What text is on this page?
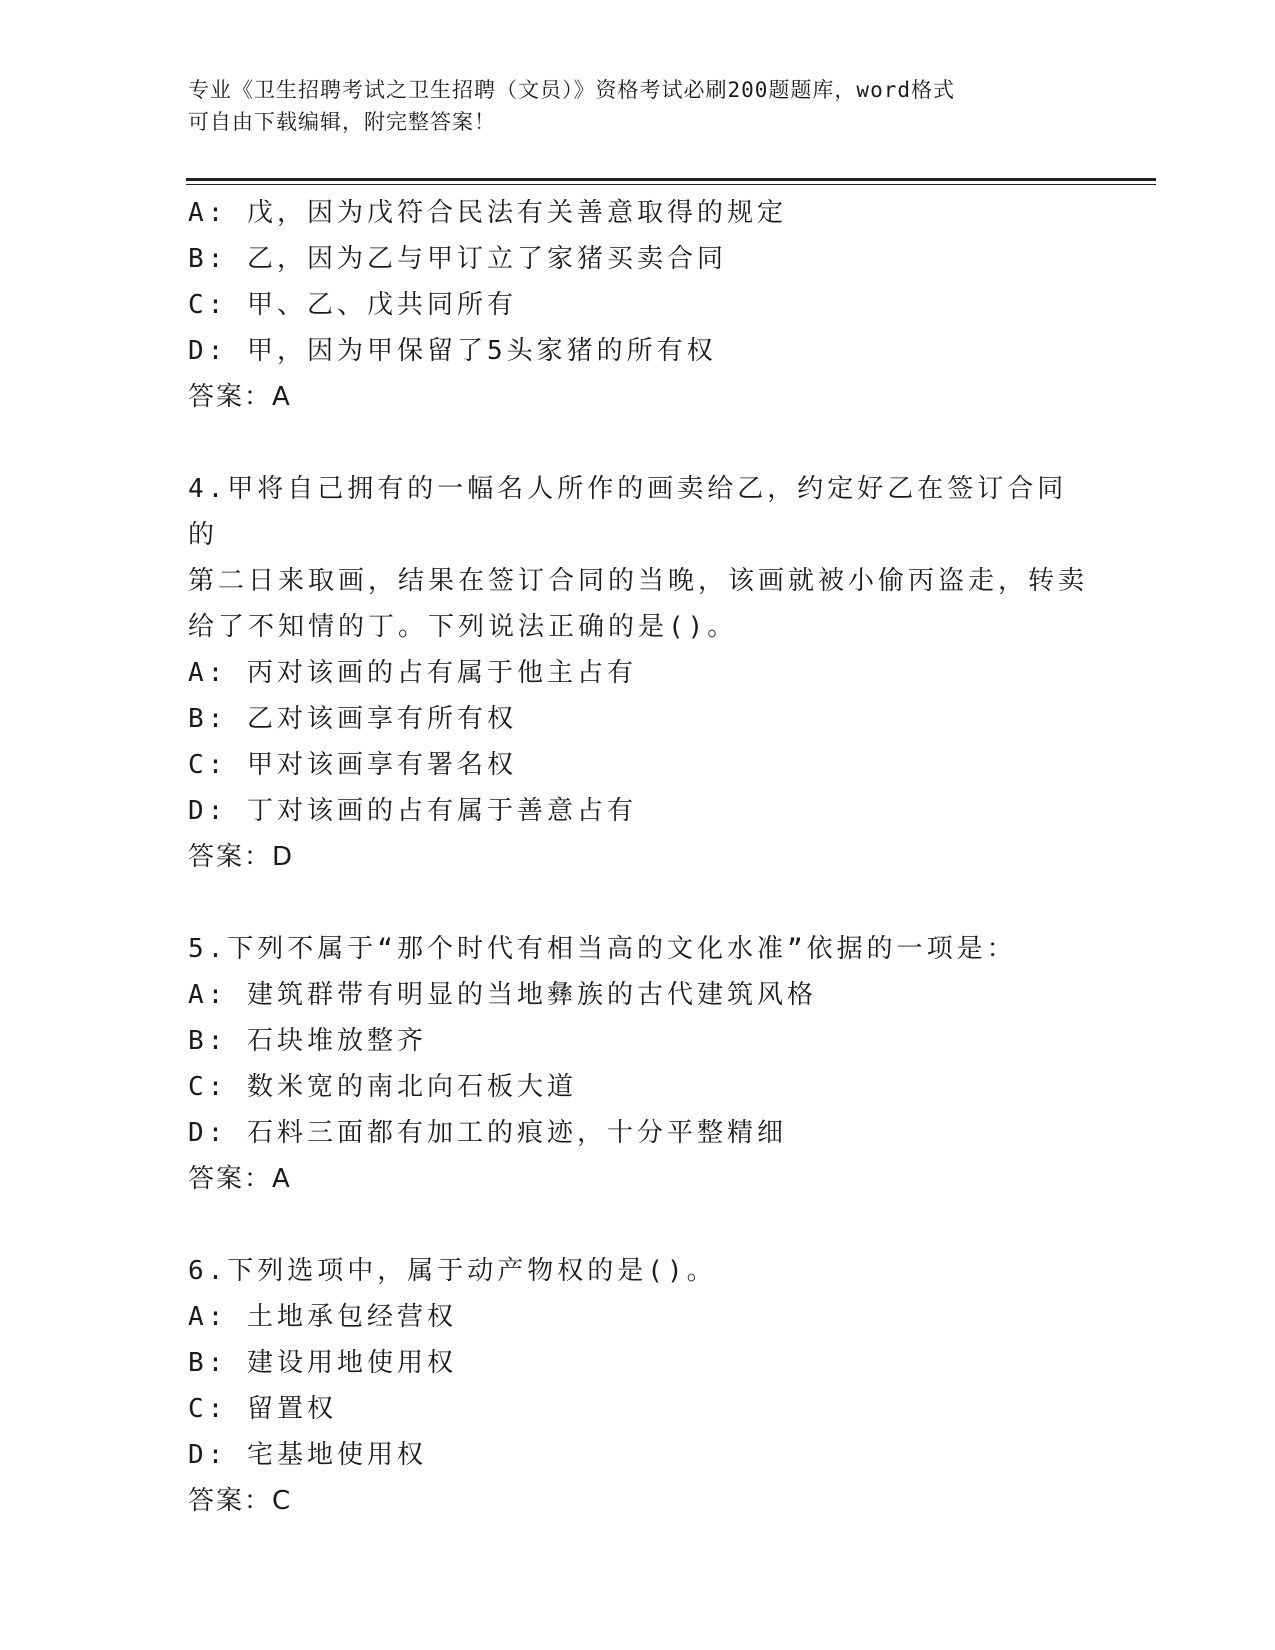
专业《卫生招聘考试之卫生招聘（文员）》资格考试必刷200题题库，word格式
可自由下载编辑，附完整答案！
A: 戊，因为戊符合民法有关善意取得的规定
B: 乙，因为乙与甲订立了家猪买卖合同
C: 甲、乙、戊共同所有
D: 甲，因为甲保留了5头家猪的所有权
答案：A
4.甲将自己拥有的一幅名人所作的画卖给乙，约定好乙在签订合同的
第二日来取画，结果在签订合同的当晚，该画就被小偷丙盗走，转卖
给了不知情的丁。下列说法正确的是()。
A: 丙对该画的占有属于他主占有
B: 乙对该画享有所有权
C: 甲对该画享有署名权
D: 丁对该画的占有属于善意占有
答案：D
5.下列不属于“那个时代有相当高的文化水准”依据的一项是：
A: 建筑群带有明显的当地彝族的古代建筑风格
B: 石块堆放整齐
C: 数米宽的南北向石板大道
D: 石料三面都有加工的痕迹，十分平整精细
答案：A
6.下列选项中，属于动产物权的是()。
A: 土地承包经营权
B: 建设用地使用权
C: 留置权
D: 宅基地使用权
答案：C
